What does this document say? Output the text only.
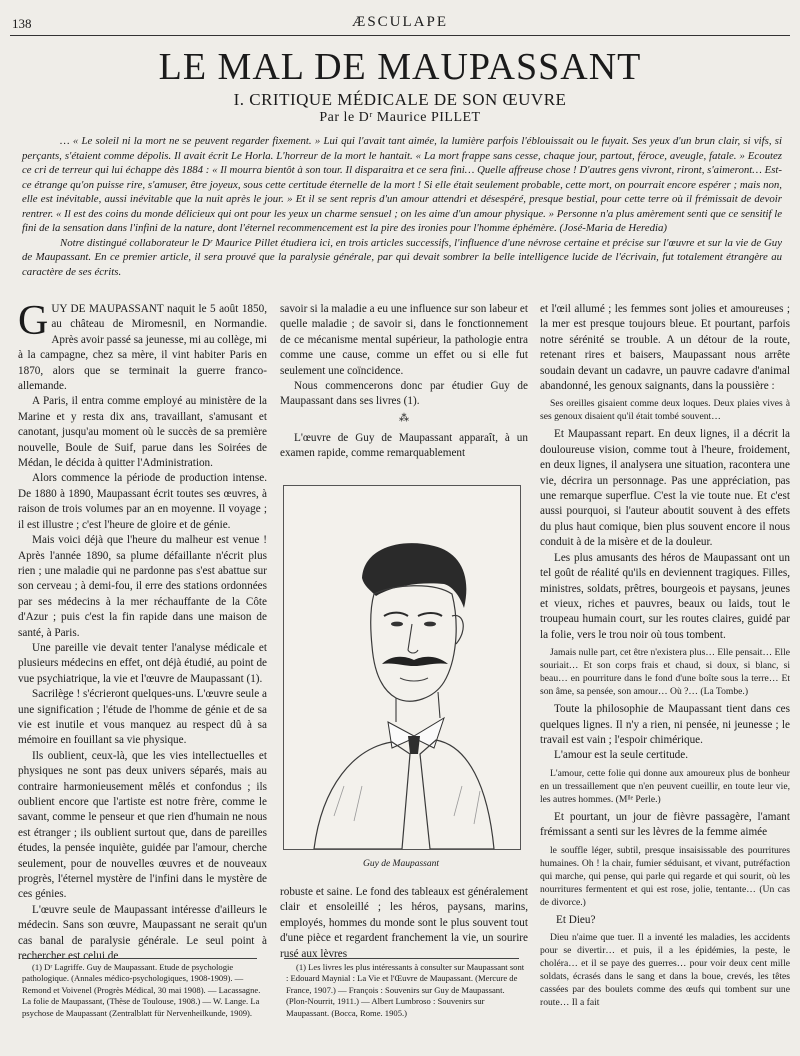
138	ÆSCULAPE
LE MAL DE MAUPASSANT
I. CRITIQUE MÉDICALE DE SON ŒUVRE
Par le Dʳ Maurice PILLET

… « Le soleil ni la mort ne se peuvent regarder fixement. » Lui qui l'avait tant aimée, la lumière parfois l'éblouissait ou le fuyait. Ses yeux d'un brun clair, si vifs, si perçants, s'étaient comme dépolis. Il avait écrit Le Horla. L'horreur de la mort le hantait. « La mort frappe sans cesse, chaque jour, partout, féroce, aveugle, fatale. » Ecoutez ce cri de terreur qui lui échappe dès 1884 : « Il mourra bientôt à son tour. Il disparaitra et ce sera fini… Quelle affreuse chose ! D'autres gens vivront, riront, s'aimeront… Est-ce étrange qu'on puisse rire, s'amuser, être joyeux, sous cette certitude éternelle de la mort ! Si elle était seulement probable, cette mort, on pourrait encore espérer ; mais non, elle est inévitable, aussi inévitable que la nuit après le jour. » Et il se sent repris d'un amour attendri et désespéré, presque bestial, pour cette terre où il frémissait de devoir rentrer. « Il est des coins du monde délicieux qui ont pour les yeux un charme sensuel ; on les aime d'un amour physique. » Personne n'a plus amèrement senti que ce sensitif le fini de la sensation dans l'infini de la nature, dont l'éternel recommencement est la pire des ironies pour l'homme éphémère. (José-Maria de Heredia)

Notre distingué collaborateur le Dʳ Maurice Pillet étudiera ici, en trois articles successifs, l'influence d'une névrose certaine et précise sur l'œuvre et sur la vie de Guy de Maupassant. En ce premier article, il sera prouvé que la paralysie générale, par qui devait sombrer la belle intelligence lucide de l'écrivain, fut totalement étrangère au caractère de ses écrits.

GUY DE MAUPASSANT naquit le 5 août 1850, au château de Miromesnil, en Normandie. Après avoir passé sa jeunesse, mi au collège, mi à la campagne, chez sa mère, il vint habiter Paris en 1870, alors que se terminait la guerre franco-allemande.

A Paris, il entra comme employé au ministère de la Marine et y resta dix ans, travaillant, s'amusant et canotant, jusqu'au moment où le succès de sa première nouvelle, Boule de Suif, parue dans les Soirées de Médan, le décida à quitter l'Administration.

Alors commence la période de production intense. De 1880 à 1890, Maupassant écrit toutes ses œuvres, à raison de trois volumes par an en moyenne. Il voyage ; il est illustre ; c'est l'heure de gloire et de génie.

Mais voici déjà que l'heure du malheur est venue ! Après l'année 1890, sa plume défaillante n'écrit plus rien ; une maladie qui ne pardonne pas s'est abattue sur son cerveau ; à demi-fou, il erre des stations ordonnées par ses médecins à la mer réchauffante de la Côte d'Azur ; puis c'est la fin rapide dans une maison de santé, à Paris.

Une pareille vie devait tenter l'analyse médicale et plusieurs médecins en effet, ont déjà étudié, au point de vue psychiatrique, la vie et l'œuvre de Maupassant (1).

Sacrilège ! s'écrieront quelques-uns. L'œuvre seule a une signification ; l'étude de l'homme de génie et de sa vie est inutile et vous manquez au respect dû à sa mémoire en fouillant sa vie physique.

Ils oublient, ceux-là, que les vies intellectuelles et physiques ne sont pas deux univers séparés, mais au contraire harmonieusement mêlés et confondus ; ils oublient encore que l'artiste est notre frère, comme le savant, comme le penseur et que rien d'humain ne nous est étranger ; ils oublient surtout que, dans de pareilles études, la pensée inquiète, guidée par l'amour, cherche seulement, pour de nouvelles œuvres et de nouveaux progrès, l'éternel mystère de l'infini dans le mystère de ces génies.

L'œuvre seule de Maupassant intéresse d'ailleurs le médecin. Sans son œuvre, Maupassant ne serait qu'un cas banal de paralysie générale. Le seul point à rechercher est celui de

savoir si la maladie a eu une influence sur son labeur et quelle maladie ; de savoir si, dans le fonctionnement de ce mécanisme mental supérieur, la pathologie entra comme une cause, comme un effet ou si elle fut seulement une coïncidence.

Nous commencerons donc par étudier Guy de Maupassant dans ses livres (1).

⁂

L'œuvre de Guy de Maupassant apparaît, à un examen rapide, comme remarquablement

Guy de Maupassant

robuste et saine. Le fond des tableaux est généralement clair et ensoleillé ; les héros, paysans, marins, employés, hommes du monde sont le plus souvent tout d'une pièce et regardent franchement la vie, un sourire rusé aux lèvres

et l'œil allumé ; les femmes sont jolies et amoureuses ; la mer est presque toujours bleue. Et pourtant, parfois notre sérénité se trouble. A un détour de la route, retenant rires et baisers, Maupassant nous arrête soudain devant un cadavre, un pauvre cadavre d'animal abandonné, les genoux saignants, dans la poussière :

Ses oreilles gisaient comme deux loques. Deux plaies vives à ses genoux disaient qu'il était tombé souvent…

Et Maupassant repart. En deux lignes, il a décrit la douloureuse vision, comme tout à l'heure, froidement, en deux lignes, il analysera une situation, racontera une vie, décrira un personnage. Pas une appréciation, pas une remarque superflue. C'est la vie toute nue. Et c'est aussi pourquoi, si l'auteur aboutit souvent à des effets du plus haut comique, bien plus souvent encore il nous conduit à de la misère et de la douleur.

Les plus amusants des héros de Maupassant ont un tel goût de réalité qu'ils en deviennent tragiques. Filles, ministres, soldats, prêtres, bourgeois et paysans, jeunes et vieux, riches et pauvres, beaux ou laids, tout le troupeau humain court, sur les routes claires, guidé par la folie, vers le trou noir où tous tombent.

Jamais nulle part, cet être n'existera plus… Elle pensait… Elle souriait… Et son corps frais et chaud, si doux, si blanc, si beau… en pourriture dans le fond d'une boîte sous la terre… Et son âme, sa pensée, son amour… Où ?… (La Tombe.)

Toute la philosophie de Maupassant tient dans ces quelques lignes. Il n'y a rien, ni pensée, ni jeunesse ; le travail est vain ; l'espoir chimérique.

L'amour est la seule certitude.

L'amour, cette folie qui donne aux amoureux plus de bonheur en un tressaillement que n'en peuvent cueillir, en toute leur vie, les autres hommes. (Mˡˡᵉ Perle.)

Et pourtant, un jour de fièvre passagère, l'amant frémissant a senti sur les lèvres de la femme aimée

le souffle léger, subtil, presque insaisissable des pourritures humaines. Oh ! la chair, fumier séduisant, et vivant, putréfaction qui marche, qui pense, qui parle qui regarde et qui sourit, où les nourritures fermentent et qui est rose, jolie, tentante… (Un cas de divorce.)

Et Dieu?

Dieu n'aime que tuer. Il a inventé les maladies, les accidents pour se divertir… et puis, il a les épidémies, la peste, le choléra… et il se paye des guerres… pour voir deux cent mille soldats, écrasés dans le sang et dans la boue, crevés, les têtes cassées par des boulets comme des œufs qui tombent sur une route… Il a fait

(1) Dʳ Lagriffe. Guy de Maupassant. Etude de psychologie pathologique. (Annales médico-psychologiques, 1908-1909). — Remond et Voivenel (Progrès Médical, 30 mai 1908). — Lacassagne. La folie de Maupassant, (Thèse de Toulouse, 1908.) — W. Lange. La psychose de Maupassant (Zentralblatt für Nervenheilkunde, 1909).

(1) Les livres les plus intéressants à consulter sur Maupassant sont : Edouard Maynial : La Vie et l'Œuvre de Maupassant. (Mercure de France, 1907.) — François : Souvenirs sur Guy de Maupassant. (Plon-Nourrit, 1911.) — Albert Lumbroso : Souvenirs sur Maupassant. (Bocca, Rome. 1905.)
